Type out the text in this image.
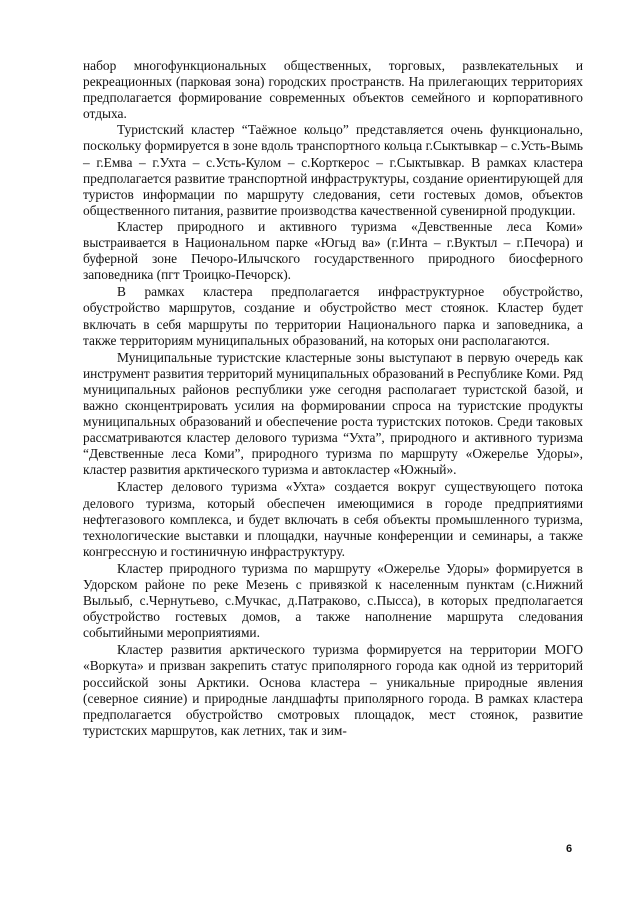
набор многофункциональных общественных, торговых, развлекательных и рекреационных (парковая зона) городских пространств. На прилегающих территориях предполагается формирование современных объектов семейного и корпоративного отдыха.

Туристский кластер “Таёжное кольцо” представляется очень функционально, поскольку формируется в зоне вдоль транспортного кольца г.Сыктывкар – с.Усть-Вымь – г.Емва – г.Ухта – с.Усть-Кулом – с.Корткерос – г.Сыктывкар. В рамках кластера предполагается развитие транспортной инфраструктуры, создание ориентирующей для туристов информации по маршруту следования, сети гостевых домов, объектов общественного питания, развитие производства качественной сувенирной продукции.

Кластер природного и активного туризма «Девственные леса Коми» выстраивается в Национальном парке «Югыд ва» (г.Инта – г.Вуктыл – г.Печора) и буферной зоне Печоро-Илычского государственного природного биосферного заповедника (пгт Троицко-Печорск).

В рамках кластера предполагается инфраструктурное обустройство, обустройство маршрутов, создание и обустройство мест стоянок. Кластер будет включать в себя маршруты по территории Национального парка и заповедника, а также территориям муниципальных образований, на которых они располагаются.

Муниципальные туристские кластерные зоны выступают в первую очередь как инструмент развития территорий муниципальных образований в Республике Коми. Ряд муниципальных районов республики уже сегодня располагает туристской базой, и важно сконцентрировать усилия на формировании спроса на туристские продукты муниципальных образований и обеспечение роста туристских потоков. Среди таковых рассматриваются кластер делового туризма “Ухта”, природного и активного туризма “Девственные леса Коми”, природного туризма по маршруту «Ожерелье Удоры», кластер развития арктического туризма и автокластер «Южный».

Кластер делового туризма «Ухта» создается вокруг существующего потока делового туризма, который обеспечен имеющимися в городе предприятиями нефтегазового комплекса, и будет включать в себя объекты промышленного туризма, технологические выставки и площадки, научные конференции и семинары, а также конгрессную и гостиничную инфраструктуру.

Кластер природного туризма по маршруту «Ожерелье Удоры» формируется в Удорском районе по реке Мезень с привязкой к населенным пунктам (с.Нижний Выльыб, с.Чернутьево, с.Мучкас, д.Патраково, с.Пысса), в которых предполагается обустройство гостевых домов, а также наполнение маршрута следования событийными мероприятиями.

Кластер развития арктического туризма формируется на территории МОГО «Воркута» и призван закрепить статус приполярного города как одной из территорий российской зоны Арктики. Основа кластера – уникальные природные явления (северное сияние) и природные ландшафты приполярного города. В рамках кластера предполагается обустройство смотровых площадок, мест стоянок, развитие туристских маршрутов, как летних, так и зим-

6
